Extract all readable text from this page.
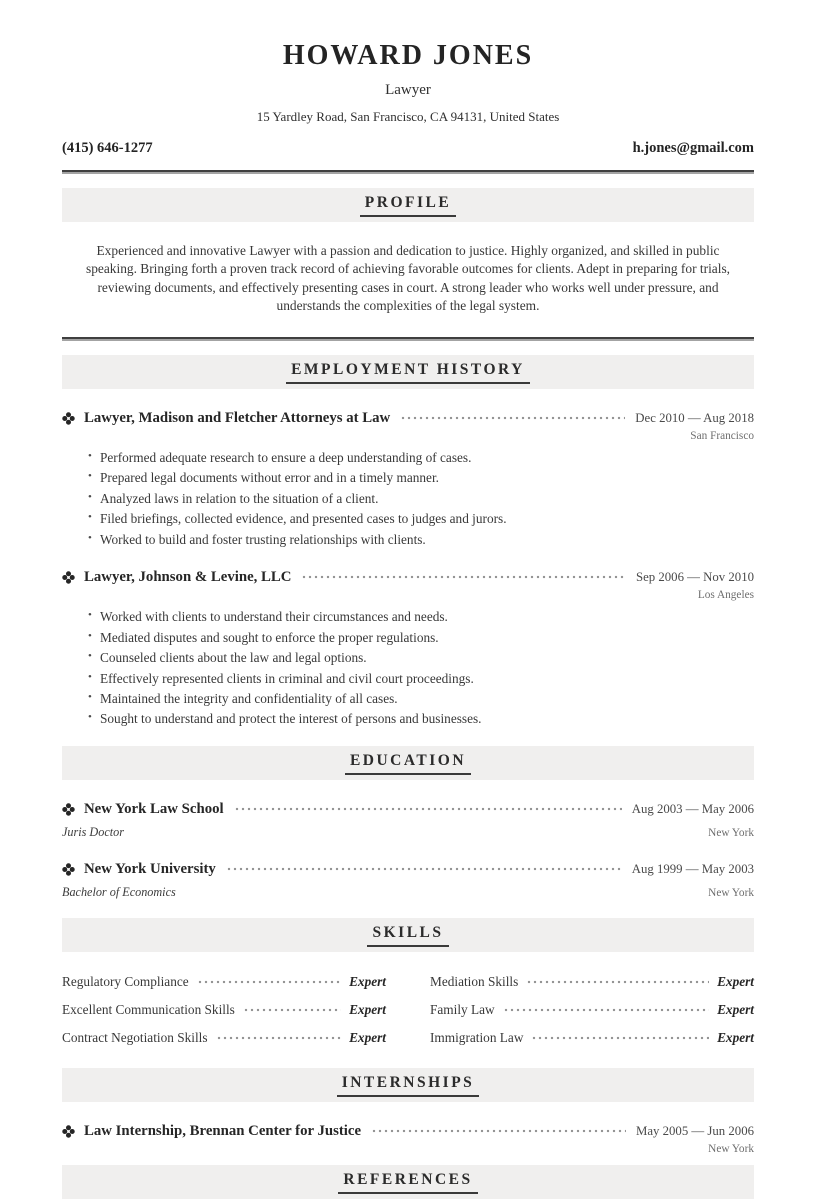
HOWARD JONES
Lawyer
15 Yardley Road, San Francisco, CA 94131, United States
(415) 646-1277	h.jones@gmail.com
PROFILE

Experienced and innovative Lawyer with a passion and dedication to justice. Highly organized, and skilled in public speaking. Bringing forth a proven track record of achieving favorable outcomes for clients. Adept in preparing for trials, reviewing documents, and effectively presenting cases in court. A strong leader who works well under pressure, and understands the complexities of the legal system.

EMPLOYMENT HISTORY
Lawyer, Madison and Fletcher Attorneys at Law	Dec 2010 — Aug 2018
San Francisco
• Performed adequate research to ensure a deep understanding of cases.
• Prepared legal documents without error and in a timely manner.
• Analyzed laws in relation to the situation of a client.
• Filed briefings, collected evidence, and presented cases to judges and jurors.
• Worked to build and foster trusting relationships with clients.
Lawyer, Johnson & Levine, LLC	Sep 2006 — Nov 2010
Los Angeles
• Worked with clients to understand their circumstances and needs.
• Mediated disputes and sought to enforce the proper regulations.
• Counseled clients about the law and legal options.
• Effectively represented clients in criminal and civil court proceedings.
• Maintained the integrity and confidentiality of all cases.
• Sought to understand and protect the interest of persons and businesses.
EDUCATION
New York Law School	Aug 2003 — May 2006
Juris Doctor	New York
New York University	Aug 1999 — May 2003
Bachelor of Economics	New York
SKILLS
Regulatory Compliance	Expert
Excellent Communication Skills	Expert
Contract Negotiation Skills	Expert
Mediation Skills	Expert
Family Law	Expert
Immigration Law	Expert
INTERNSHIPS
Law Internship, Brennan Center for Justice	May 2005 — Jun 2006
New York
REFERENCES
